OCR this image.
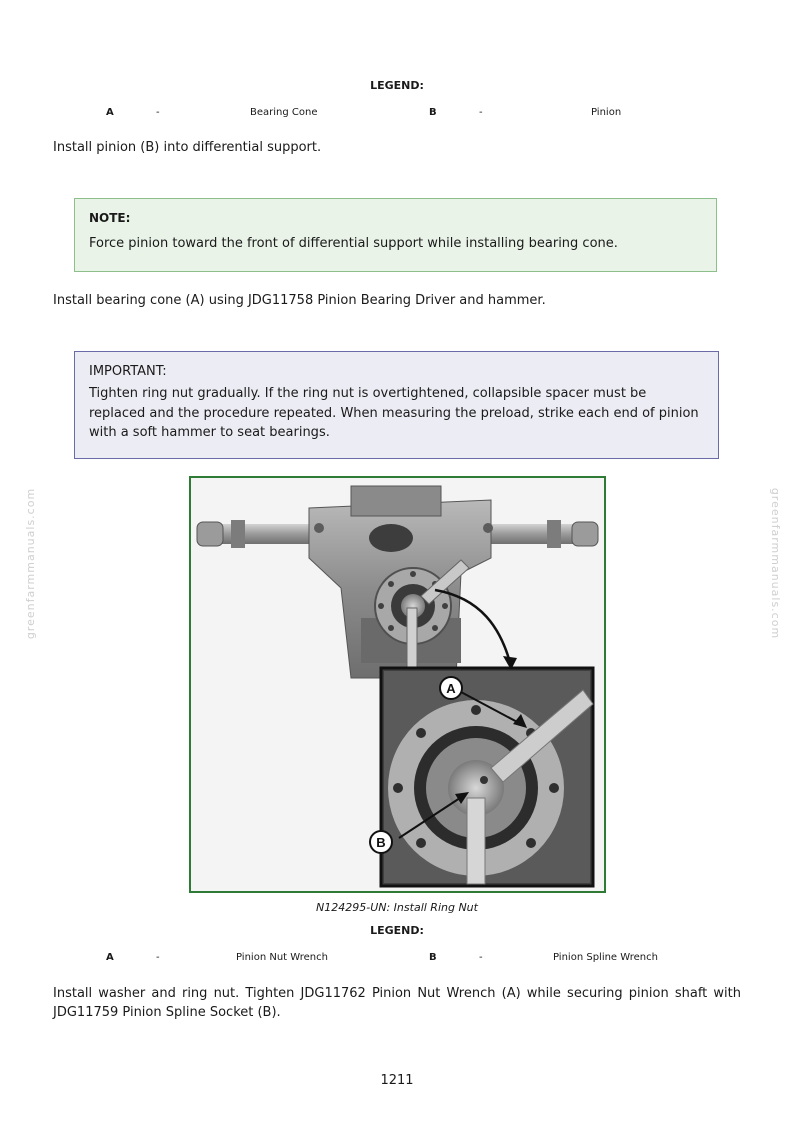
LEGEND:
A	-	Bearing Cone	B	-	Pinion
Install pinion (B) into differential support.
NOTE:
Force pinion toward the front of differential support while installing bearing cone.
Install bearing cone (A) using JDG11758 Pinion Bearing Driver and hammer.
IMPORTANT:
Tighten ring nut gradually. If the ring nut is overtightened, collapsible spacer must be replaced and the procedure repeated. When measuring the preload, strike each end of pinion with a soft hammer to seat bearings.
A
B
N124295-UN: Install Ring Nut
LEGEND:
A	-	Pinion Nut Wrench	B	-	Pinion Spline Wrench
Install washer and ring nut. Tighten JDG11762 Pinion Nut Wrench (A) while securing pinion shaft with JDG11759 Pinion Spline Socket (B).
greenfarmmanuals.com	greenfarmmanuals.com
1211
